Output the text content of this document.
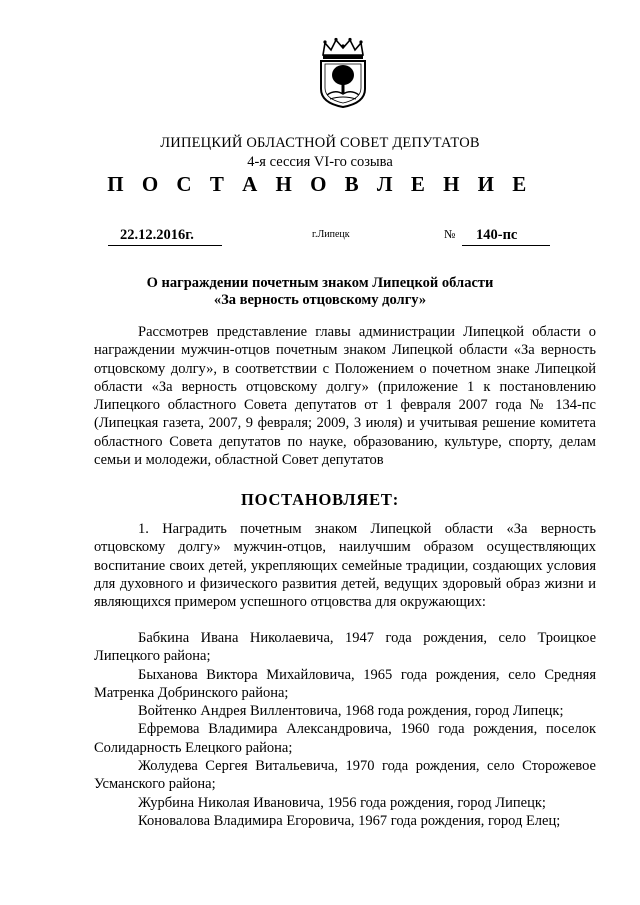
ЛИПЕЦКИЙ ОБЛАСТНОЙ СОВЕТ ДЕПУТАТОВ
4-я сессия VI-го созыва
П О С Т А Н О В Л Е Н И Е
22.12.2016г.	г.Липецк	№	140-пс
О награждении почетным знаком Липецкой области
«За верность отцовскому долгу»

Рассмотрев представление главы администрации Липецкой области о награждении мужчин-отцов почетным знаком Липецкой области «За верность отцовскому долгу», в соответствии с Положением о почетном знаке Липецкой области «За верность отцовскому долгу» (приложение 1 к постановлению Липецкого областного Совета депутатов от 1 февраля 2007 года № 134-пс (Липецкая газета, 2007, 9 февраля; 2009, 3 июля) и учитывая решение комитета областного Совета депутатов по науке, образованию, культуре, спорту, делам семьи и молодежи, областной Совет депутатов

ПОСТАНОВЛЯЕТ:

1. Наградить почетным знаком Липецкой области «За верность отцовскому долгу» мужчин-отцов, наилучшим образом осуществляющих воспитание своих детей, укрепляющих семейные традиции, создающих условия для духовного и физического развития детей, ведущих здоровый образ жизни и являющихся примером успешного отцовства для окружающих:

Бабкина Ивана Николаевича, 1947 года рождения, село Троицкое Липецкого района;
Быханова Виктора Михайловича, 1965 года рождения, село Средняя Матренка Добринского района;
Войтенко Андрея Виллентовича, 1968 года рождения, город Липецк;
Ефремова Владимира Александровича, 1960 года рождения, поселок Солидарность Елецкого района;
Жолудева Сергея Витальевича, 1970 года рождения, село Сторожевое Усманского района;
Журбина Николая Ивановича, 1956 года рождения, город Липецк;
Коновалова Владимира Егоровича, 1967 года рождения, город Елец;
